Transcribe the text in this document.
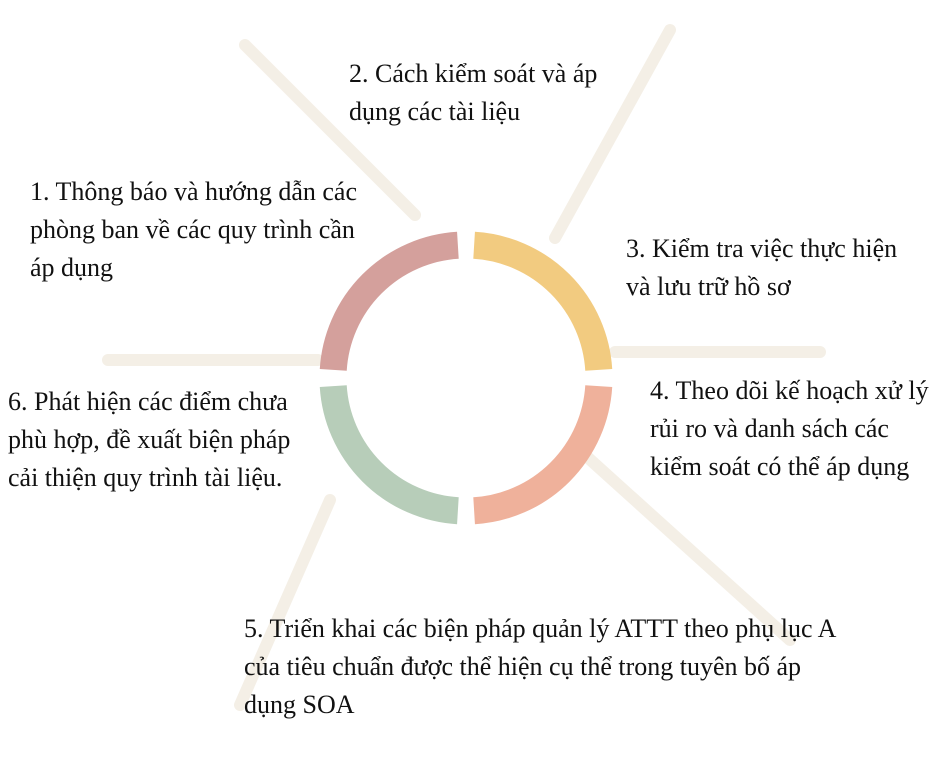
1. Thông báo và hướng dẫn các phòng ban về các quy trình cần áp dụng
2. Cách kiểm soát và áp dụng các tài liệu
3. Kiểm tra việc thực hiện và lưu trữ hồ sơ
4. Theo dõi kế hoạch xử lý rủi ro và danh sách các kiểm soát có thể áp dụng
5. Triển khai các biện pháp quản lý ATTT theo phụ lục A của tiêu chuẩn được thể hiện cụ thể trong tuyên bố áp dụng SOA
6. Phát hiện các điểm chưa phù hợp, đề xuất biện pháp cải thiện quy trình tài liệu.
